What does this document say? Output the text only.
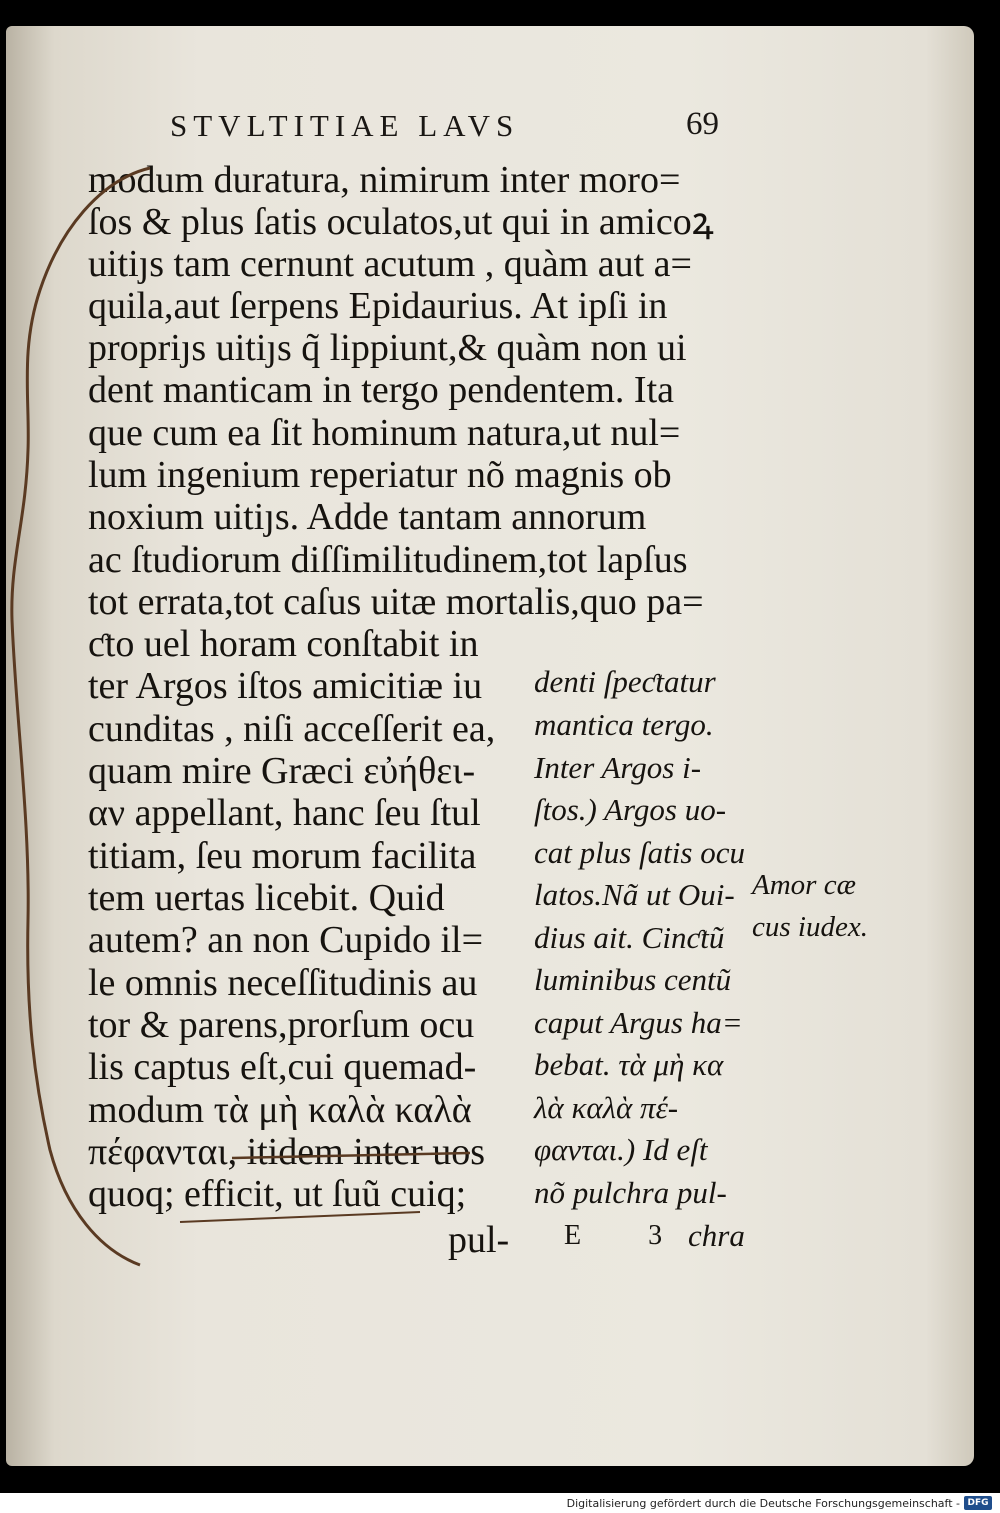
STVLTITIAE LAVS	69
modum duratura, nimirum inter moro=
ſos & plus ſatis oculatos,ut qui in amicoꝝ
uitiȷs tam cernunt acutum , quàm aut a=
quila,aut ſerpens Epidaurius. At ipſi in
propriȷs uitiȷs q̃ lippiunt,& quàm non ui
dent manticam in tergo pendentem. Ita
que cum ea ſit hominum natura,ut nul=
lum ingenium reperiatur nõ magnis ob
noxium uitiȷs. Adde tantam annorum
ac ſtudiorum diſſimilitudinem,tot lapſus
tot errata,tot caſus uitæ mortalis,quo pa=
ƈto uel horam conſtabit in
ter Argos iſtos amicitiæ iu
cunditas , niſi acceſſerit ea,
quam mire Græci εὐήθει-
αν appellant, hanc ſeu ſtul
titiam, ſeu morum facilita
tem uertas licebit. Quid
autem? an non Cupido il=
le omnis neceſſitudinis au
tor & parens,prorſum ocu
lis captus eſt,cui quemad-
modum τὰ μὴ καλὰ καλὰ
πέφανται, itidem inter uos
quoq; efficit, ut ſuũ cuiq;
denti ſpeƈtatur
mantica tergo.
Inter Argos i-
ſtos.) Argos uo-
cat plus ſatis ocu
latos.Nã ut Oui-
dius ait. Cinƈtũ
luminibus centũ
caput Argus ha=
bebat. τὰ μὴ κα
λὰ καλὰ πέ-
φανται.) Id eſt
nõ pulchra pul-
Amor cæ
cus iudex.
pul- E 3
chra
Digitalisierung gefördert durch die Deutsche Forschungsgemeinschaft - DFG
